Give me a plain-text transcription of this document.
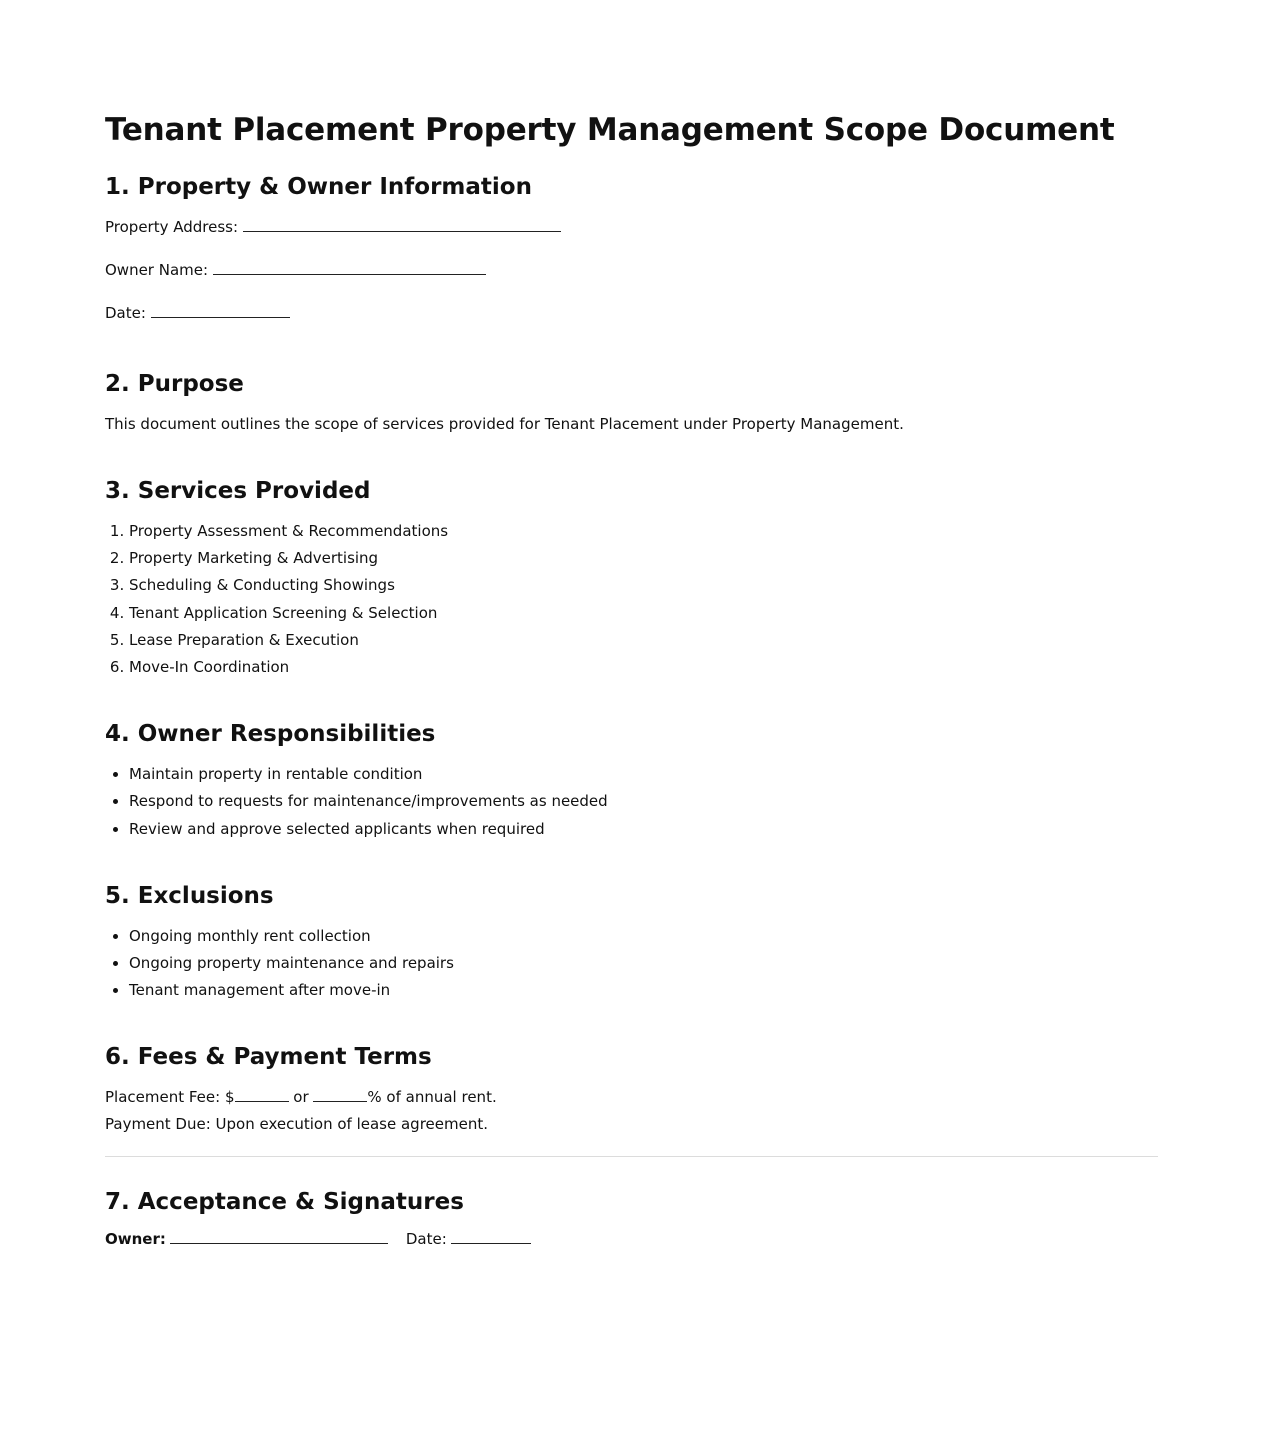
Tenant Placement Property Management Scope Document
1. Property & Owner Information

Property Address:

Owner Name:

Date:

2. Purpose

This document outlines the scope of services provided for Tenant Placement under Property Management.

3. Services Provided
1. Property Assessment & Recommendations
2. Property Marketing & Advertising
3. Scheduling & Conducting Showings
4. Tenant Application Screening & Selection
5. Lease Preparation & Execution
6. Move-In Coordination
4. Owner Responsibilities
• Maintain property in rentable condition
• Respond to requests for maintenance/improvements as needed
• Review and approve selected applicants when required
5. Exclusions
• Ongoing monthly rent collection
• Ongoing property maintenance and repairs
• Tenant management after move-in
6. Fees & Payment Terms

Placement Fee: $	or	% of annual rent.

Payment Due: Upon execution of lease agreement.

7. Acceptance & Signatures
Owner:	Date:
